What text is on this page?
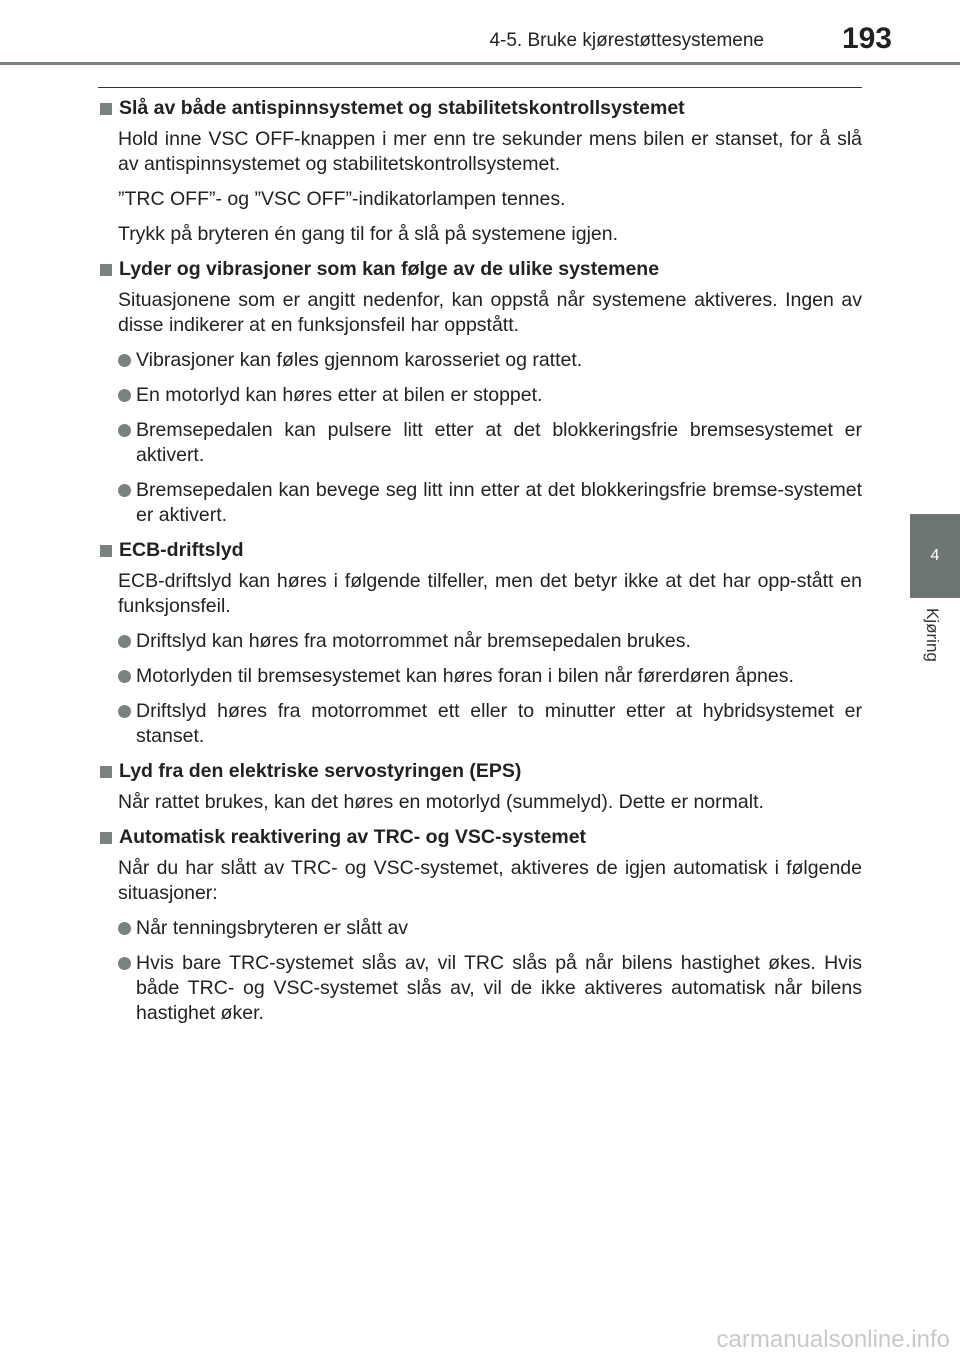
4-5. Bruke kjørestøttesystemene	193
4
Kjøring
Slå av både antispinnsystemet og stabilitetskontrollsystemet
Hold inne VSC OFF-knappen i mer enn tre sekunder mens bilen er stanset, for å slå av antispinnsystemet og stabilitetskontrollsystemet.
”TRC OFF”- og ”VSC OFF”-indikatorlampen tennes.
Trykk på bryteren én gang til for å slå på systemene igjen.
Lyder og vibrasjoner som kan følge av de ulike systemene
Situasjonene som er angitt nedenfor, kan oppstå når systemene aktiveres. Ingen av disse indikerer at en funksjonsfeil har oppstått.
Vibrasjoner kan føles gjennom karosseriet og rattet.
En motorlyd kan høres etter at bilen er stoppet.
Bremsepedalen kan pulsere litt etter at det blokkeringsfrie bremsesystemet er aktivert.
Bremsepedalen kan bevege seg litt inn etter at det blokkeringsfrie bremse-systemet er aktivert.
ECB-driftslyd
ECB-driftslyd kan høres i følgende tilfeller, men det betyr ikke at det har opp-stått en funksjonsfeil.
Driftslyd kan høres fra motorrommet når bremsepedalen brukes.
Motorlyden til bremsesystemet kan høres foran i bilen når førerdøren åpnes.
Driftslyd høres fra motorrommet ett eller to minutter etter at hybridsystemet er stanset.
Lyd fra den elektriske servostyringen (EPS)
Når rattet brukes, kan det høres en motorlyd (summelyd). Dette er normalt.
Automatisk reaktivering av TRC- og VSC-systemet
Når du har slått av TRC- og VSC-systemet, aktiveres de igjen automatisk i følgende situasjoner:
Når tenningsbryteren er slått av
Hvis bare TRC-systemet slås av, vil TRC slås på når bilens hastighet økes. Hvis både TRC- og VSC-systemet slås av, vil de ikke aktiveres automatisk når bilens hastighet øker.
carmanualsonline.info
